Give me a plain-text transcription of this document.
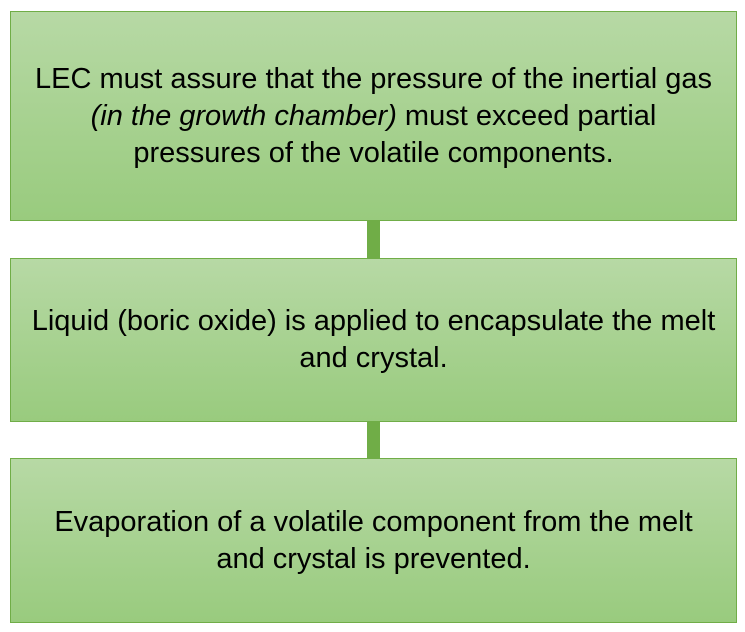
LEC must assure that the pressure of the inertial gas (in the growth chamber) must exceed partial pressures of the volatile components.
Liquid (boric oxide) is applied to encapsulate the melt and crystal.
Evaporation of a volatile component from the melt and crystal is prevented.
